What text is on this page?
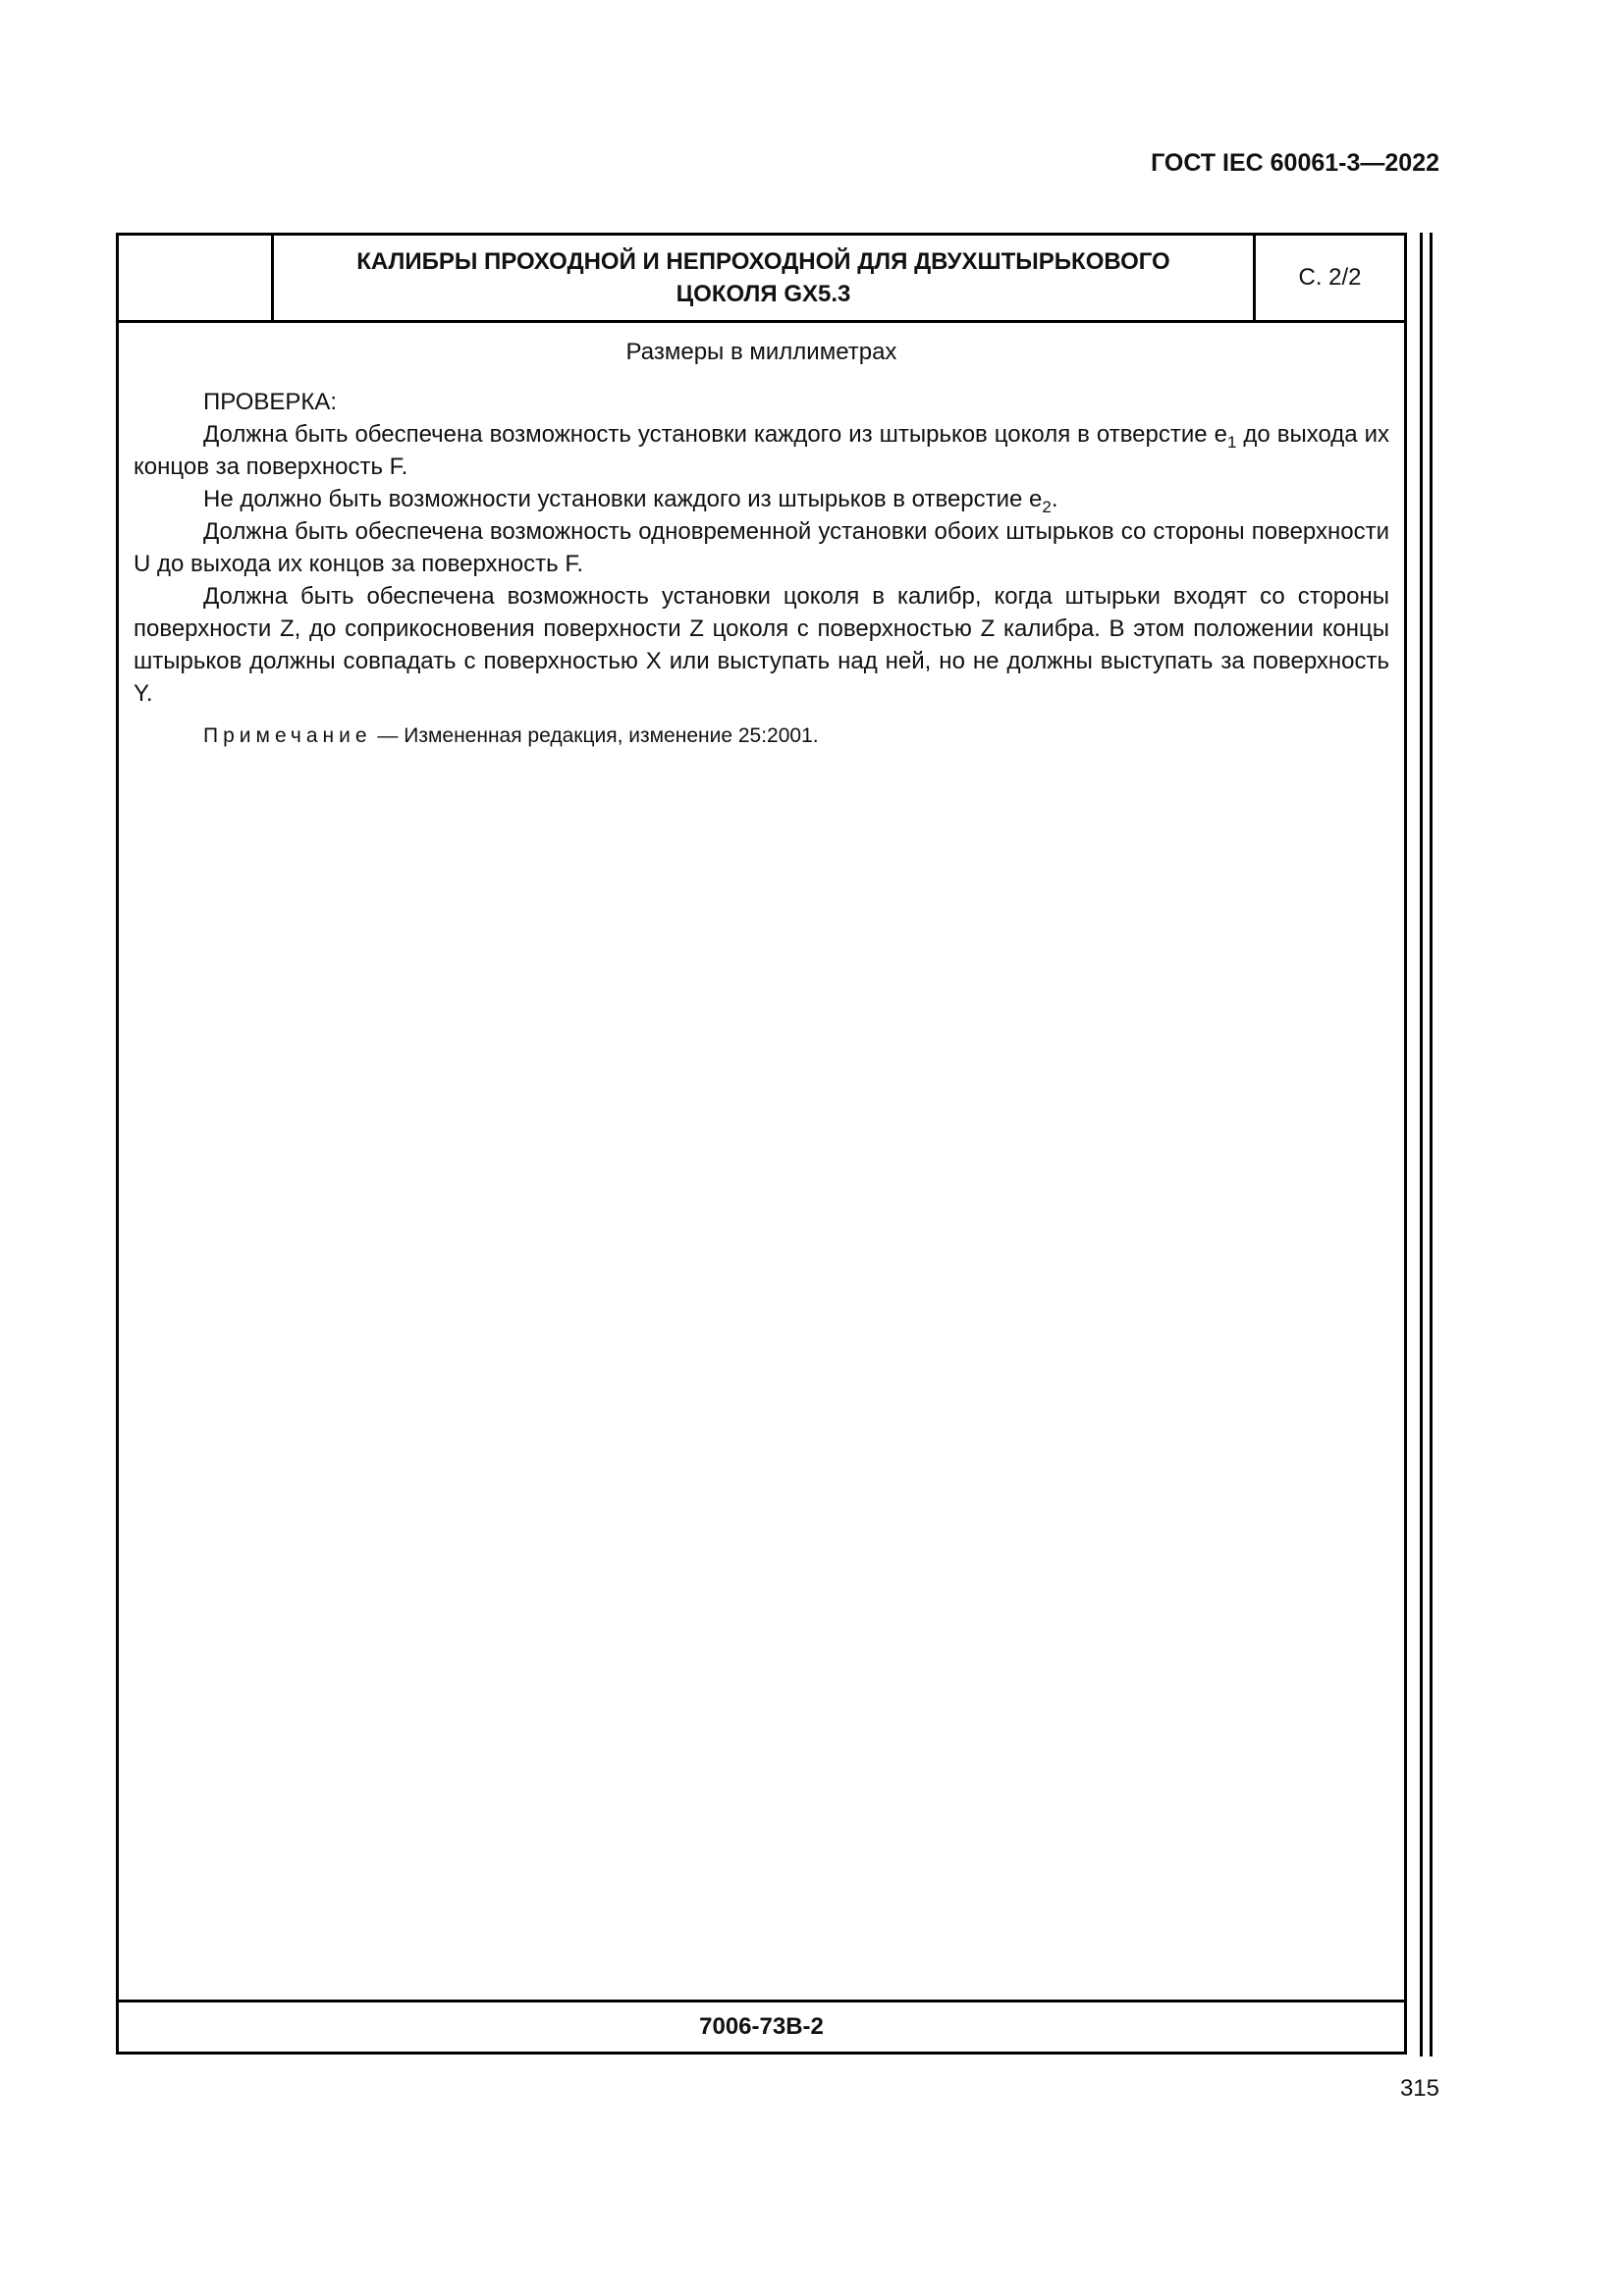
ГОСТ IEC 60061-3—2022
КАЛИБРЫ ПРОХОДНОЙ И НЕПРОХОДНОЙ ДЛЯ ДВУХШТЫРЬКОВОГО
ЦОКОЛЯ GX5.3
С. 2/2
Размеры в миллиметрах

ПРОВЕРКА:

Должна быть обеспечена возможность установки каждого из штырьков цоколя в отверстие $e_1$ до выхода их концов за поверхность F.

Не должно быть возможности установки каждого из штырьков в отверстие $e_2$.

Должна быть обеспечена возможность одновременной установки обоих штырьков со стороны поверхности U до выхода их концов за поверхность F.

Должна быть обеспечена возможность установки цоколя в калибр, когда штырьки входят со стороны поверхности Z, до соприкосновения поверхности Z цоколя с поверхностью Z калибра. В этом положении концы штырьков должны совпадать с поверхностью X или выступать над ней, но не должны выступать за поверхность Y.

Примечание — Измененная редакция, изменение 25:2001.

7006-73B-2
315
